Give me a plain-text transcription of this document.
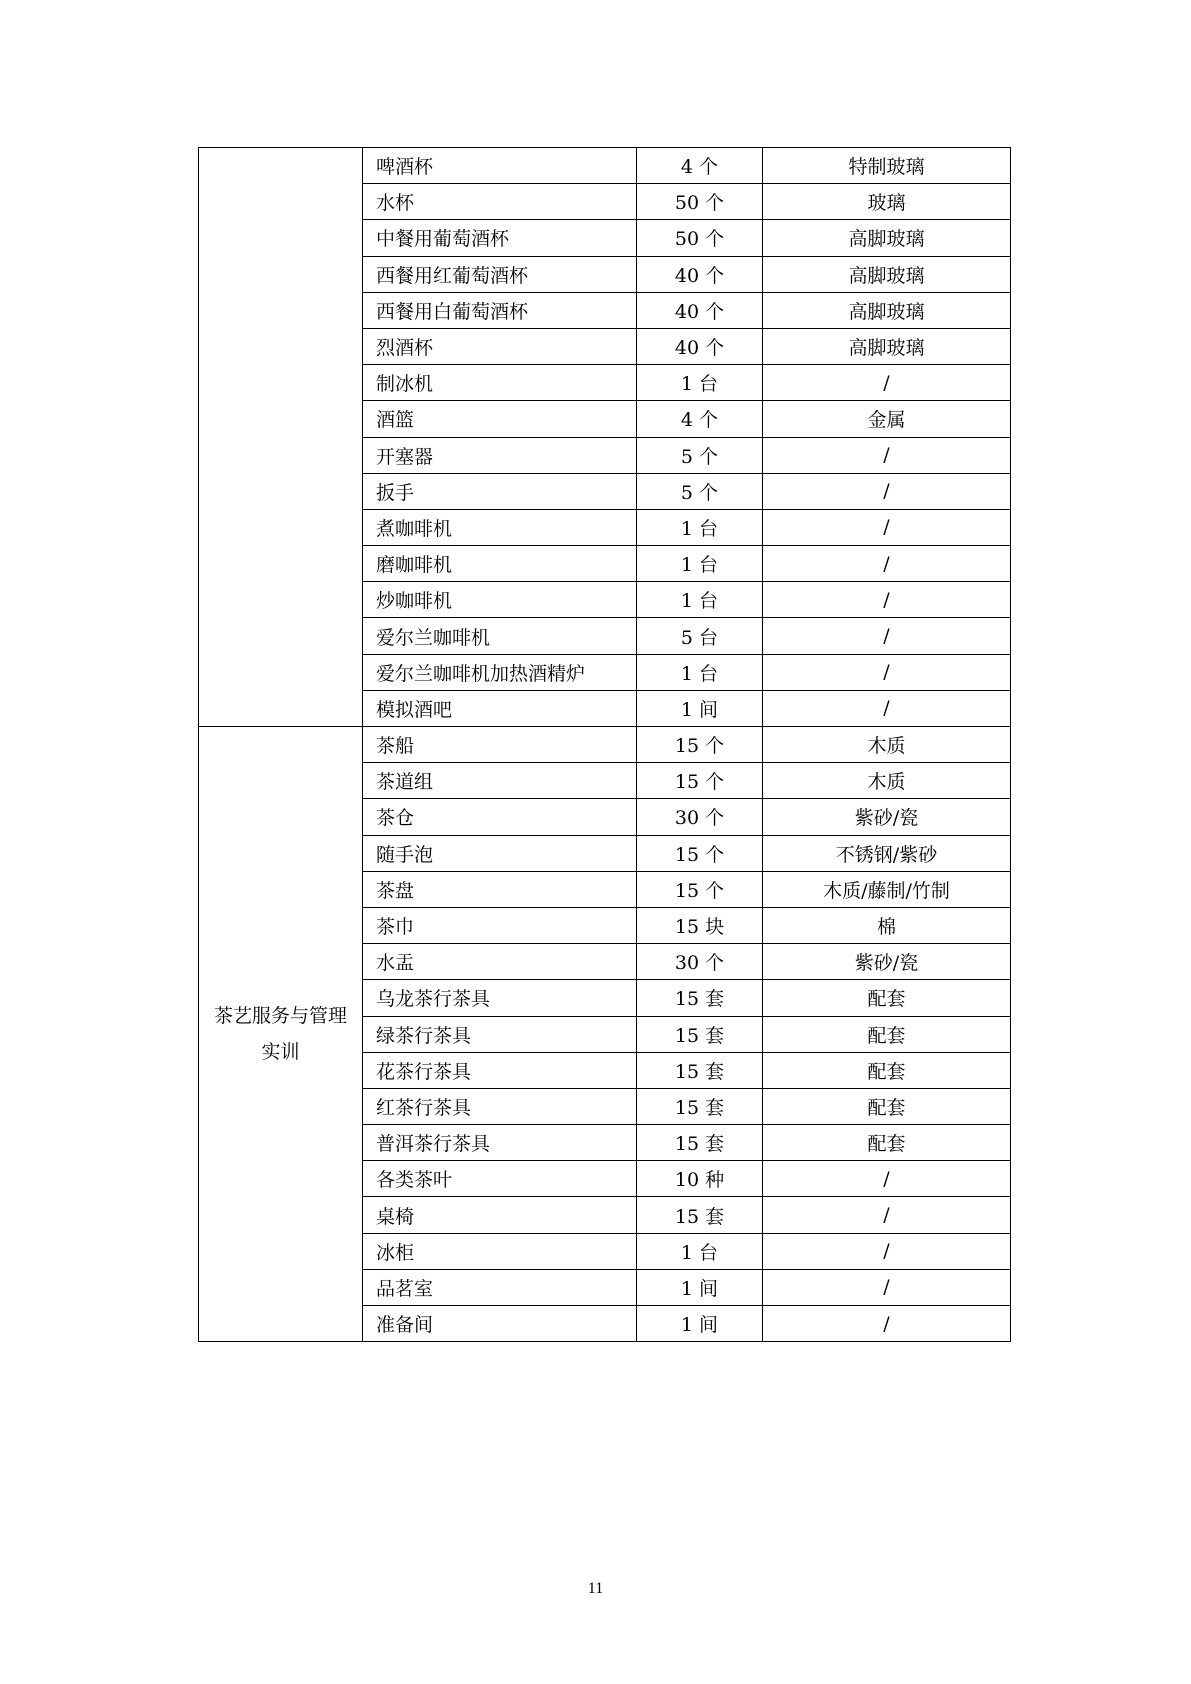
	啤酒杯	4 个	特制玻璃
	水杯	50 个	玻璃
	中餐用葡萄酒杯	50 个	高脚玻璃
	西餐用红葡萄酒杯	40 个	高脚玻璃
	西餐用白葡萄酒杯	40 个	高脚玻璃
	烈酒杯	40 个	高脚玻璃
	制冰机	1 台	/
	酒篮	4 个	金属
	开塞器	5 个	/
	扳手	5 个	/
	煮咖啡机	1 台	/
	磨咖啡机	1 台	/
	炒咖啡机	1 台	/
	爱尔兰咖啡机	5 台	/
	爱尔兰咖啡机加热酒精炉	1 台	/
	模拟酒吧	1 间	/

茶艺服务与管理实训	茶船	15 个	木质
	茶道组	15 个	木质
	茶仓	30 个	紫砂/瓷
	随手泡	15 个	不锈钢/紫砂
	茶盘	15 个	木质/藤制/竹制
	茶巾	15 块	棉
	水盂	30 个	紫砂/瓷
	乌龙茶行茶具	15 套	配套
	绿茶行茶具	15 套	配套
	花茶行茶具	15 套	配套
	红茶行茶具	15 套	配套
	普洱茶行茶具	15 套	配套
	各类茶叶	10 种	/
	桌椅	15 套	/
	冰柜	1 台	/
	品茗室	1 间	/
	准备间	1 间	/
11
